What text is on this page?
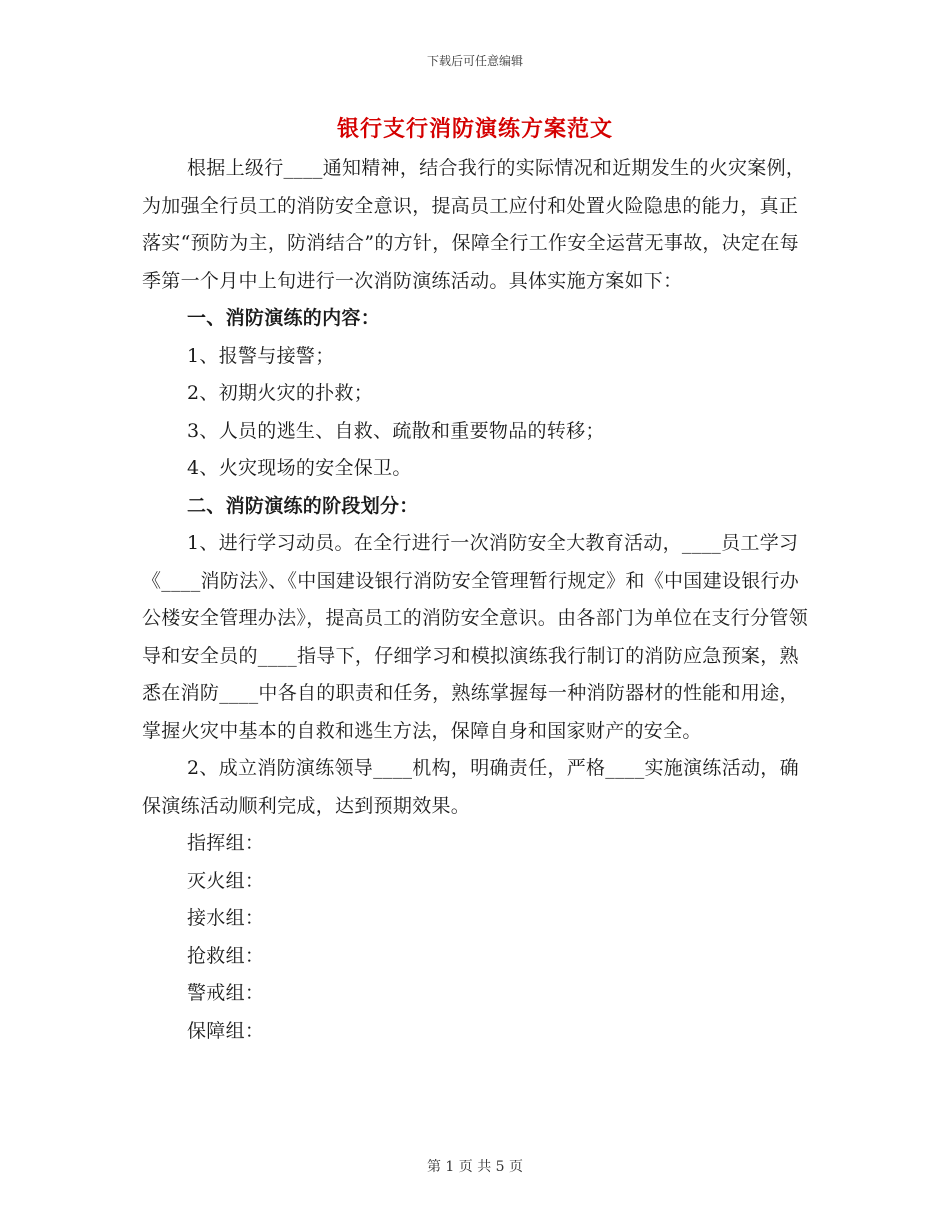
下载后可任意编辑
银行支行消防演练方案范文

根据上级行____通知精神，结合我行的实际情况和近期发生的火灾案例，为加强全行员工的消防安全意识，提高员工应付和处置火险隐患的能力，真正落实“预防为主，防消结合”的方针，保障全行工作安全运营无事故，决定在每季第一个月中上旬进行一次消防演练活动。具体实施方案如下：

一、消防演练的内容：

1、报警与接警；

2、初期火灾的扑救；

3、人员的逃生、自救、疏散和重要物品的转移；

4、火灾现场的安全保卫。

二、消防演练的阶段划分：

1、进行学习动员。在全行进行一次消防安全大教育活动，____员工学习《____消防法》、《中国建设银行消防安全管理暂行规定》和《中国建设银行办公楼安全管理办法》，提高员工的消防安全意识。由各部门为单位在支行分管领导和安全员的____指导下，仔细学习和模拟演练我行制订的消防应急预案，熟悉在消防____中各自的职责和任务，熟练掌握每一种消防器材的性能和用途，掌握火灾中基本的自救和逃生方法，保障自身和国家财产的安全。

2、成立消防演练领导____机构，明确责任，严格____实施演练活动，确保演练活动顺利完成，达到预期效果。

指挥组：

灭火组：

接水组：

抢救组：

警戒组：

保障组：

第 1 页 共 5 页
